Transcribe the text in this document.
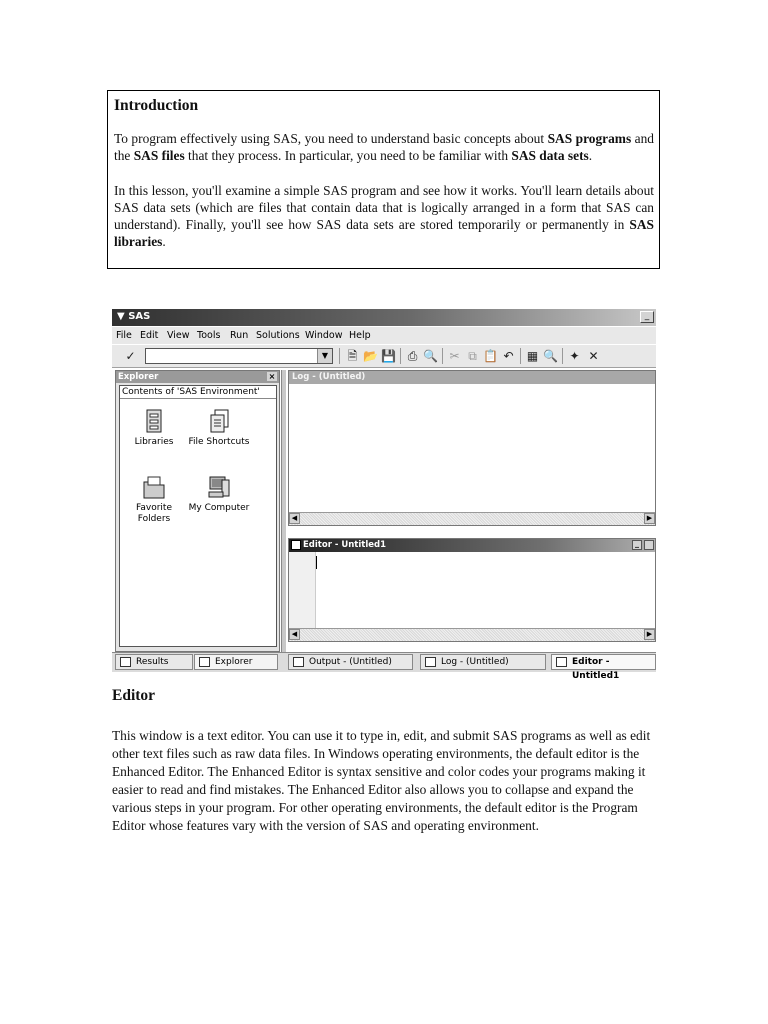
Introduction

To program effectively using SAS, you need to understand basic concepts about SAS programs and the SAS files that they process. In particular, you need to be familiar with SAS data sets.

In this lesson, you'll examine a simple SAS program and see how it works. You'll learn details about SAS data sets (which are files that contain data that is logically arranged in a form that SAS can understand). Finally, you'll see how SAS data sets are stored temporarily or permanently in SAS libraries.

▼ SAS	_
File Edit View Tools Run Solutions Window Help
✓	▼	🗎 📂 💾 ⎙ 🔍 ✂ ⧉ 📋 ↶ ▦ 🔍 ✦ ✕
Explorer	×
Contents of 'SAS Environment'
Libraries	File Shortcuts
Favorite Folders
My Computer
Log - (Untitled)
◀	▶
Editor - Untitled1	_
◀	▶
Results	Explorer	Output - (Untitled)	Log - (Untitled)	Editor - Untitled1
Editor

This window is a text editor. You can use it to type in, edit, and submit SAS programs as well as edit other text files such as raw data files. In Windows operating environments, the default editor is the Enhanced Editor. The Enhanced Editor is syntax sensitive and color codes your programs making it easier to read and find mistakes. The Enhanced Editor also allows you to collapse and expand the various steps in your program. For other operating environments, the default editor is the Program Editor whose features vary with the version of SAS and operating environment.
